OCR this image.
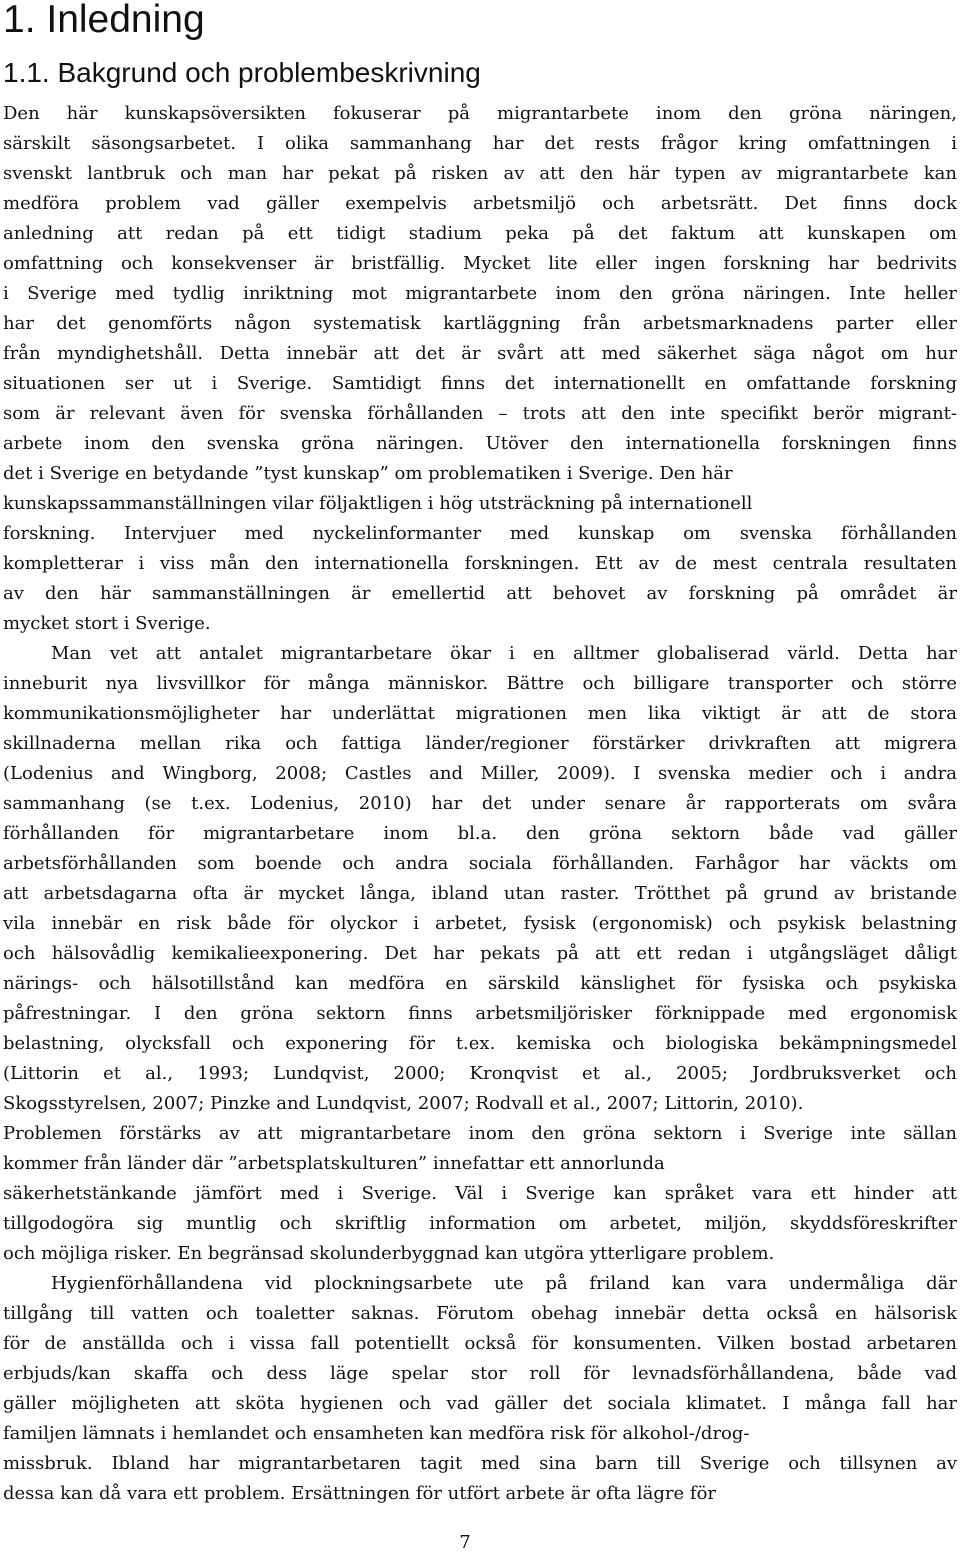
1. Inledning
1.1. Bakgrund och problembeskrivning
Den här kunskapsöversikten fokuserar på migrantarbete inom den gröna näringen,
särskilt säsongsarbetet. I olika sammanhang har det rests frågor kring omfattningen i
svenskt lantbruk och man har pekat på risken av att den här typen av migrantarbete kan
medföra problem vad gäller exempelvis arbetsmiljö och arbetsrätt. Det finns dock
anledning att redan på ett tidigt stadium peka på det faktum att kunskapen om
omfattning och konsekvenser är bristfällig. Mycket lite eller ingen forskning har bedrivits
i Sverige med tydlig inriktning mot migrantarbete inom den gröna näringen. Inte heller
har det genomförts någon systematisk kartläggning från arbetsmarknadens parter eller
från myndighetshåll. Detta innebär att det är svårt att med säkerhet säga något om hur
situationen ser ut i Sverige. Samtidigt finns det internationellt en omfattande forskning
som är relevant även för svenska förhållanden – trots att den inte specifikt berör migrant-
arbete inom den svenska gröna näringen. Utöver den internationella forskningen finns
det i Sverige en betydande ”tyst kunskap” om problematiken i Sverige. Den här
kunskapssammanställningen vilar följaktligen i hög utsträckning på internationell
forskning. Intervjuer med nyckelinformanter med kunskap om svenska förhållanden
kompletterar i viss mån den internationella forskningen. Ett av de mest centrala resultaten
av den här sammanställningen är emellertid att behovet av forskning på området är
mycket stort i Sverige.
Man vet att antalet migrantarbetare ökar i en alltmer globaliserad värld. Detta har
inneburit nya livsvillkor för många människor. Bättre och billigare transporter och större
kommunikationsmöjligheter har underlättat migrationen men lika viktigt är att de stora
skillnaderna mellan rika och fattiga länder/regioner förstärker drivkraften att migrera
(Lodenius and Wingborg, 2008; Castles and Miller, 2009). I svenska medier och i andra
sammanhang (se t.ex. Lodenius, 2010) har det under senare år rapporterats om svåra
förhållanden för migrantarbetare inom bl.a. den gröna sektorn både vad gäller
arbetsförhållanden som boende och andra sociala förhållanden. Farhågor har väckts om
att arbetsdagarna ofta är mycket långa, ibland utan raster. Trötthet på grund av bristande
vila innebär en risk både för olyckor i arbetet, fysisk (ergonomisk) och psykisk belastning
och hälsovådlig kemikalieexponering. Det har pekats på att ett redan i utgångsläget dåligt
närings- och hälsotillstånd kan medföra en särskild känslighet för fysiska och psykiska
påfrestningar. I den gröna sektorn finns arbetsmiljörisker förknippade med ergonomisk
belastning, olycksfall och exponering för t.ex. kemiska och biologiska bekämpningsmedel
(Littorin et al., 1993; Lundqvist, 2000; Kronqvist et al., 2005; Jordbruksverket och
Skogsstyrelsen, 2007; Pinzke and Lundqvist, 2007; Rodvall et al., 2007; Littorin, 2010).
Problemen förstärks av att migrantarbetare inom den gröna sektorn i Sverige inte sällan
kommer från länder där ”arbetsplatskulturen” innefattar ett annorlunda
säkerhetstänkande jämfört med i Sverige. Väl i Sverige kan språket vara ett hinder att
tillgodogöra sig muntlig och skriftlig information om arbetet, miljön, skyddsföreskrifter
och möjliga risker. En begränsad skolunderbyggnad kan utgöra ytterligare problem.
Hygienförhållandena vid plockningsarbete ute på friland kan vara undermåliga där
tillgång till vatten och toaletter saknas. Förutom obehag innebär detta också en hälsorisk
för de anställda och i vissa fall potentiellt också för konsumenten. Vilken bostad arbetaren
erbjuds/kan skaffa och dess läge spelar stor roll för levnadsförhållandena, både vad
gäller möjligheten att sköta hygienen och vad gäller det sociala klimatet. I många fall har
familjen lämnats i hemlandet och ensamheten kan medföra risk för alkohol-/drog-
missbruk. Ibland har migrantarbetaren tagit med sina barn till Sverige och tillsynen av
dessa kan då vara ett problem. Ersättningen för utfört arbete är ofta lägre för
7
